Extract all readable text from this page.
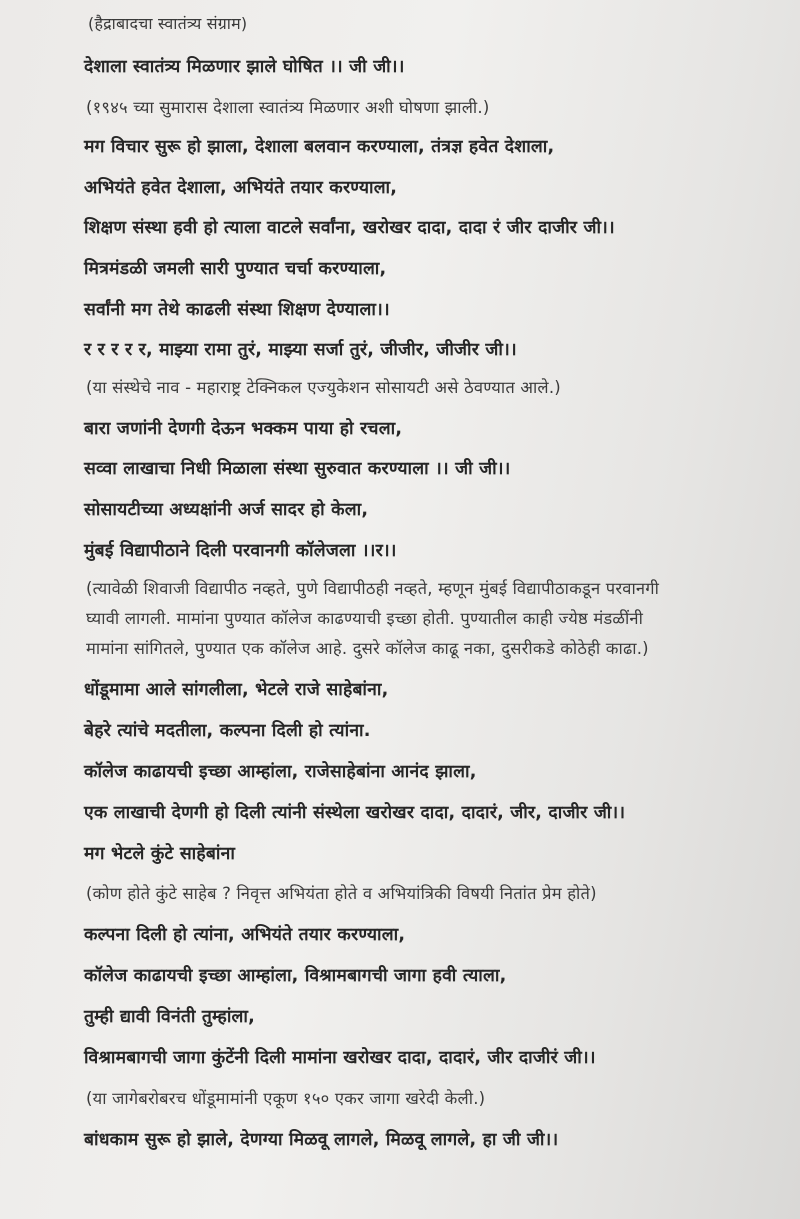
(हैद्राबादचा स्वातंत्र्य संग्राम)
देशाला स्वातंत्र्य मिळणार झाले घोषित ।। जी जी।।
(१९४५ च्या सुमारास देशाला स्वातंत्र्य मिळणार अशी घोषणा झाली.)
मग विचार सुरू हो झाला, देशाला बलवान करण्याला, तंत्रज्ञ हवेत देशाला,
अभियंते हवेत देशाला, अभियंते तयार करण्याला,
शिक्षण संस्था हवी हो त्याला वाटले सर्वांना, खरोखर दादा, दादा रं जीर दाजीर जी।।
मित्रमंडळी जमली सारी पुण्यात चर्चा करण्याला,
सर्वांनी मग तेथे काढली संस्था शिक्षण देण्याला।।
र र र र र, माझ्या रामा तुरं, माझ्या सर्जा तुरं, जीजीर, जीजीर जी।।
(या संस्थेचे नाव - महाराष्ट्र टेक्निकल एज्युकेशन सोसायटी असे ठेवण्यात आले.)
बारा जणांनी देणगी देऊन भक्कम पाया हो रचला,
सव्वा लाखाचा निधी मिळाला संस्था सुरुवात करण्याला ।। जी जी।।
सोसायटीच्या अध्यक्षांनी अर्ज सादर हो केला,
मुंबई विद्यापीठाने दिली परवानगी कॉलेजला ।।र।।
(त्यावेळी शिवाजी विद्यापीठ नव्हते, पुणे विद्यापीठही नव्हते, म्हणून मुंबई विद्यापीठाकडून परवानगी
घ्यावी लागली. मामांना पुण्यात कॉलेज काढण्याची इच्छा होती. पुण्यातील काही ज्येष्ठ मंडळींनी
मामांना सांगितले, पुण्यात एक कॉलेज आहे. दुसरे कॉलेज काढू नका, दुसरीकडे कोठेही काढा.)
धोंडूमामा आले सांगलीला, भेटले राजे साहेबांना,
बेहरे त्यांचे मदतीला, कल्पना दिली हो त्यांना.
कॉलेज काढायची इच्छा आम्हांला, राजेसाहेबांना आनंद झाला,
एक लाखाची देणगी हो दिली त्यांनी संस्थेला खरोखर दादा, दादारं, जीर, दाजीर जी।।
मग भेटले कुंटे साहेबांना
(कोण होते कुंटे साहेब ? निवृत्त अभियंता होते व अभियांत्रिकी विषयी नितांत प्रेम होते)
कल्पना दिली हो त्यांना, अभियंते तयार करण्याला,
कॉलेज काढायची इच्छा आम्हांला, विश्रामबागची जागा हवी त्याला,
तुम्ही द्यावी विनंती तुम्हांला,
विश्रामबागची जागा कुंटेंनी दिली मामांना खरोखर दादा, दादारं, जीर दाजीरं जी।।
(या जागेबरोबरच धोंडूमामांनी एकूण १५० एकर जागा खरेदी केली.)
बांधकाम सुरू हो झाले, देणग्या मिळवू लागले, मिळवू लागले, हा जी जी।।
